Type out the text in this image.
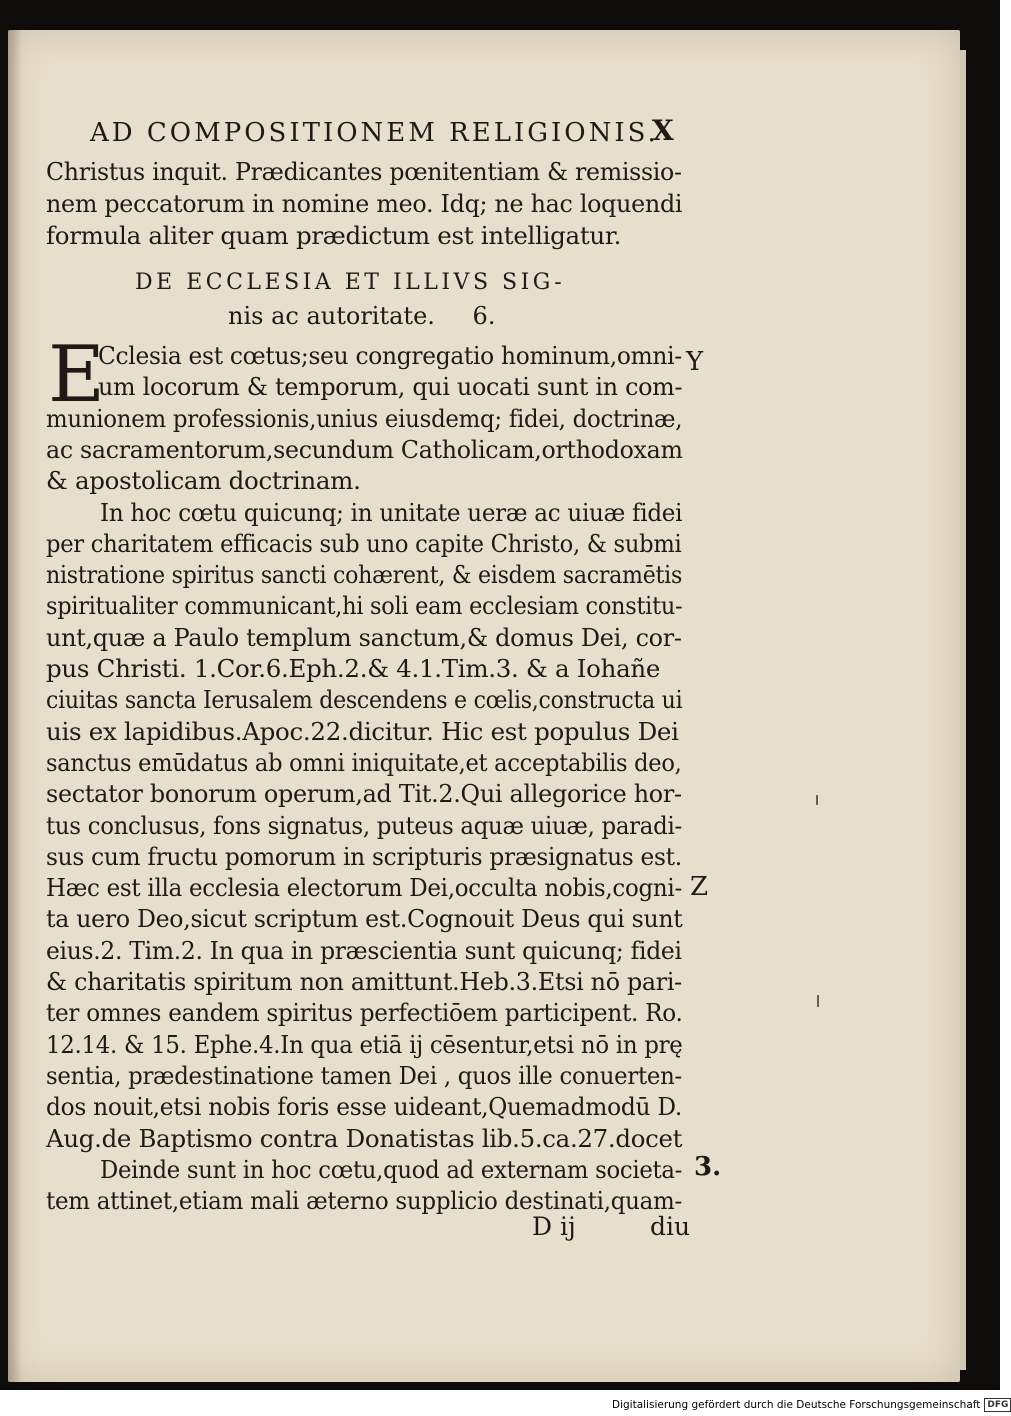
AD COMPOSITIONEM RELIGIONIS.
X
Christus inquit. Prædicantes pœnitentiam & remissio-
nem peccatorum in nomine meo. Idq; ne hac loquendi
formula aliter quam prædictum est intelligatur.
DE ECCLESIA ET ILLIVS SIG-
nis ac autoritate. 6.
E
Cclesia est cœtus;seu congregatio hominum,omni-
um locorum & temporum, qui uocati sunt in com-
munionem professionis,unius eiusdemq; fidei, doctrinæ,
ac sacramentorum,secundum Catholicam,orthodoxam
& apostolicam doctrinam.
In hoc cœtu quicunq; in unitate ueræ ac uiuæ fidei
per charitatem efficacis sub uno capite Christo, & submi
nistratione spiritus sancti cohærent, & eisdem sacramētis
spiritualiter communicant,hi soli eam ecclesiam constitu-
unt,quæ a Paulo templum sanctum,& domus Dei, cor-
pus Christi. 1.Cor.6.Eph.2.& 4.1.Tim.3. & a Iohañe
ciuitas sancta Ierusalem descendens e cœlis,constructa ui
uis ex lapidibus.Apoc.22.dicitur. Hic est populus Dei
sanctus emūdatus ab omni iniquitate,et acceptabilis deo,
sectator bonorum operum,ad Tit.2.Qui allegorice hor-
tus conclusus, fons signatus, puteus aquæ uiuæ, paradi-
sus cum fructu pomorum in scripturis præsignatus est.
Hæc est illa ecclesia electorum Dei,occulta nobis,cogni-
ta uero Deo,sicut scriptum est.Cognouit Deus qui sunt
eius.2. Tim.2. In qua in præscientia sunt quicunq; fidei
& charitatis spiritum non amittunt.Heb.3.Etsi nō pari-
ter omnes eandem spiritus perfectiōem participent. Ro.
12.14. & 15. Ephe.4.In qua etiā ij cēsentur,etsi nō in prę
sentia, prædestinatione tamen Dei , quos ille conuerten-
dos nouit,etsi nobis foris esse uideant,Quemadmodū D.
Aug.de Baptismo contra Donatistas lib.5.ca.27.docet
Deinde sunt in hoc cœtu,quod ad externam societa-
tem attinet,etiam mali æterno supplicio destinati,quam-
Y
Z
3.
D ij	diu
Digitalisierung gefördert durch die Deutsche Forschungsgemeinschaft DFG
